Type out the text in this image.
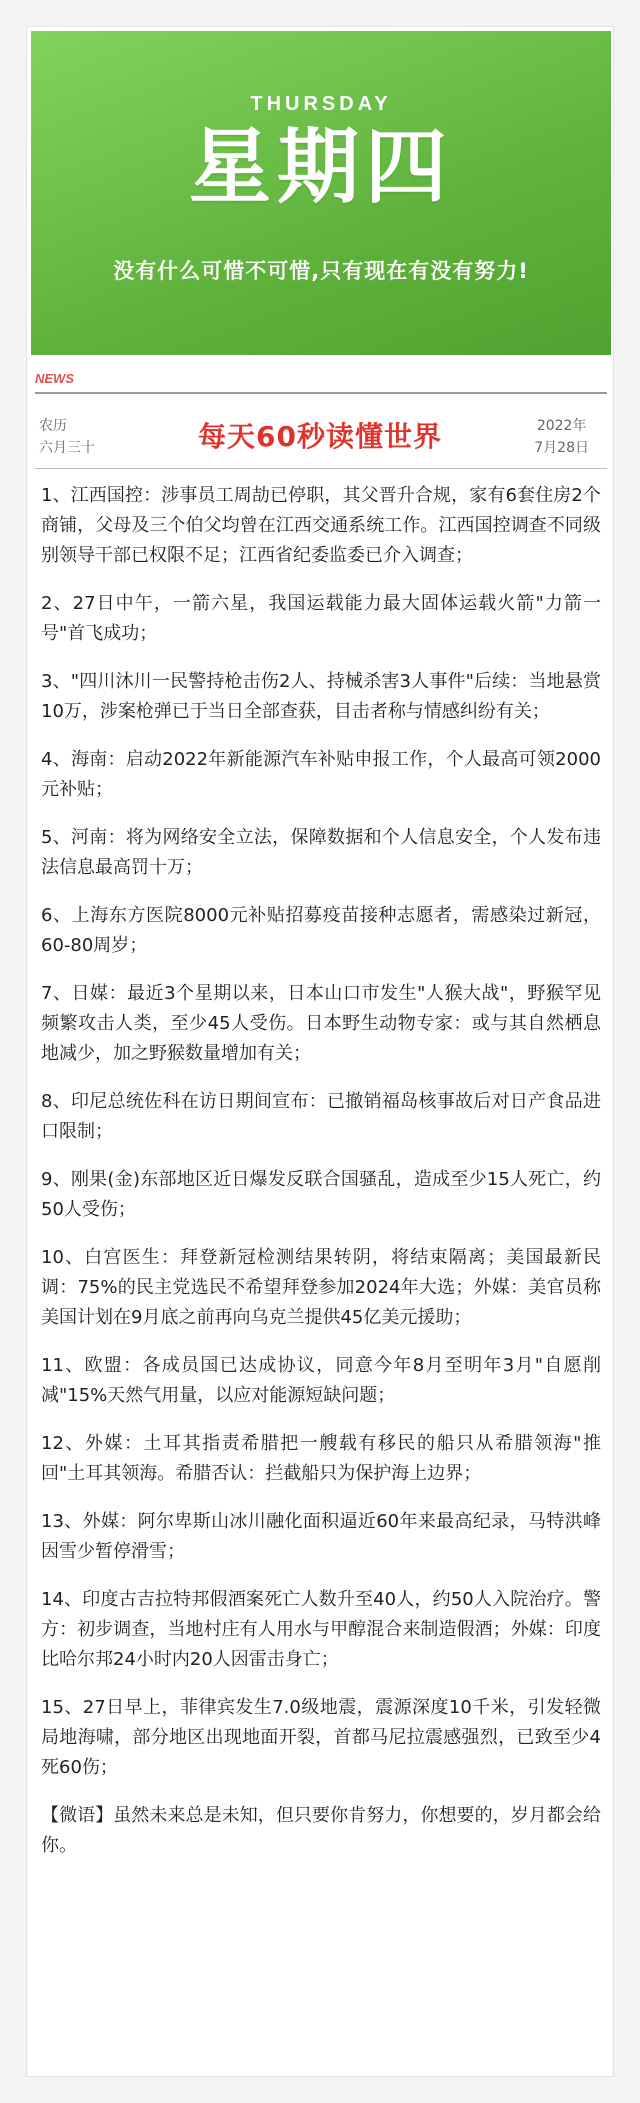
THURSDAY
星期四
没有什么可惜不可惜,只有现在有没有努力!
NEWS
农历
六月三十	每天60秒读懂世界	2022年
7月28日

1、江西国控：涉事员工周劼已停职，其父晋升合规，家有6套住房2个商铺，父母及三个伯父均曾在江西交通系统工作。江西国控调查不同级别领导干部已权限不足；江西省纪委监委已介入调查；

2、27日中午，一箭六星，我国运载能力最大固体运载火箭"力箭一号"首飞成功；

3、"四川沐川一民警持枪击伤2人、持械杀害3人事件"后续：当地悬赏10万，涉案枪弹已于当日全部查获，目击者称与情感纠纷有关；

4、海南：启动2022年新能源汽车补贴申报工作，个人最高可领2000元补贴；

5、河南：将为网络安全立法，保障数据和个人信息安全，个人发布违法信息最高罚十万；

6、上海东方医院8000元补贴招募疫苗接种志愿者，需感染过新冠，60-80周岁；

7、日媒：最近3个星期以来，日本山口市发生"人猴大战"，野猴罕见频繁攻击人类，至少45人受伤。日本野生动物专家：或与其自然栖息地减少，加之野猴数量增加有关；

8、印尼总统佐科在访日期间宣布：已撤销福岛核事故后对日产食品进口限制；

9、刚果(金)东部地区近日爆发反联合国骚乱，造成至少15人死亡，约50人受伤；

10、白宫医生：拜登新冠检测结果转阴，将结束隔离；美国最新民调：75%的民主党选民不希望拜登参加2024年大选；外媒：美官员称美国计划在9月底之前再向乌克兰提供45亿美元援助；

11、欧盟：各成员国已达成协议，同意今年8月至明年3月"自愿削减"15%天然气用量，以应对能源短缺问题；

12、外媒：土耳其指责希腊把一艘载有移民的船只从希腊领海"推回"土耳其领海。希腊否认：拦截船只为保护海上边界；

13、外媒：阿尔卑斯山冰川融化面积逼近60年来最高纪录，马特洪峰因雪少暂停滑雪；

14、印度古吉拉特邦假酒案死亡人数升至40人，约50人入院治疗。警方：初步调查，当地村庄有人用水与甲醇混合来制造假酒；外媒：印度比哈尔邦24小时内20人因雷击身亡；

15、27日早上，菲律宾发生7.0级地震，震源深度10千米，引发轻微局地海啸，部分地区出现地面开裂，首都马尼拉震感强烈，已致至少4死60伤；

【微语】虽然未来总是未知，但只要你肯努力，你想要的，岁月都会给你。
